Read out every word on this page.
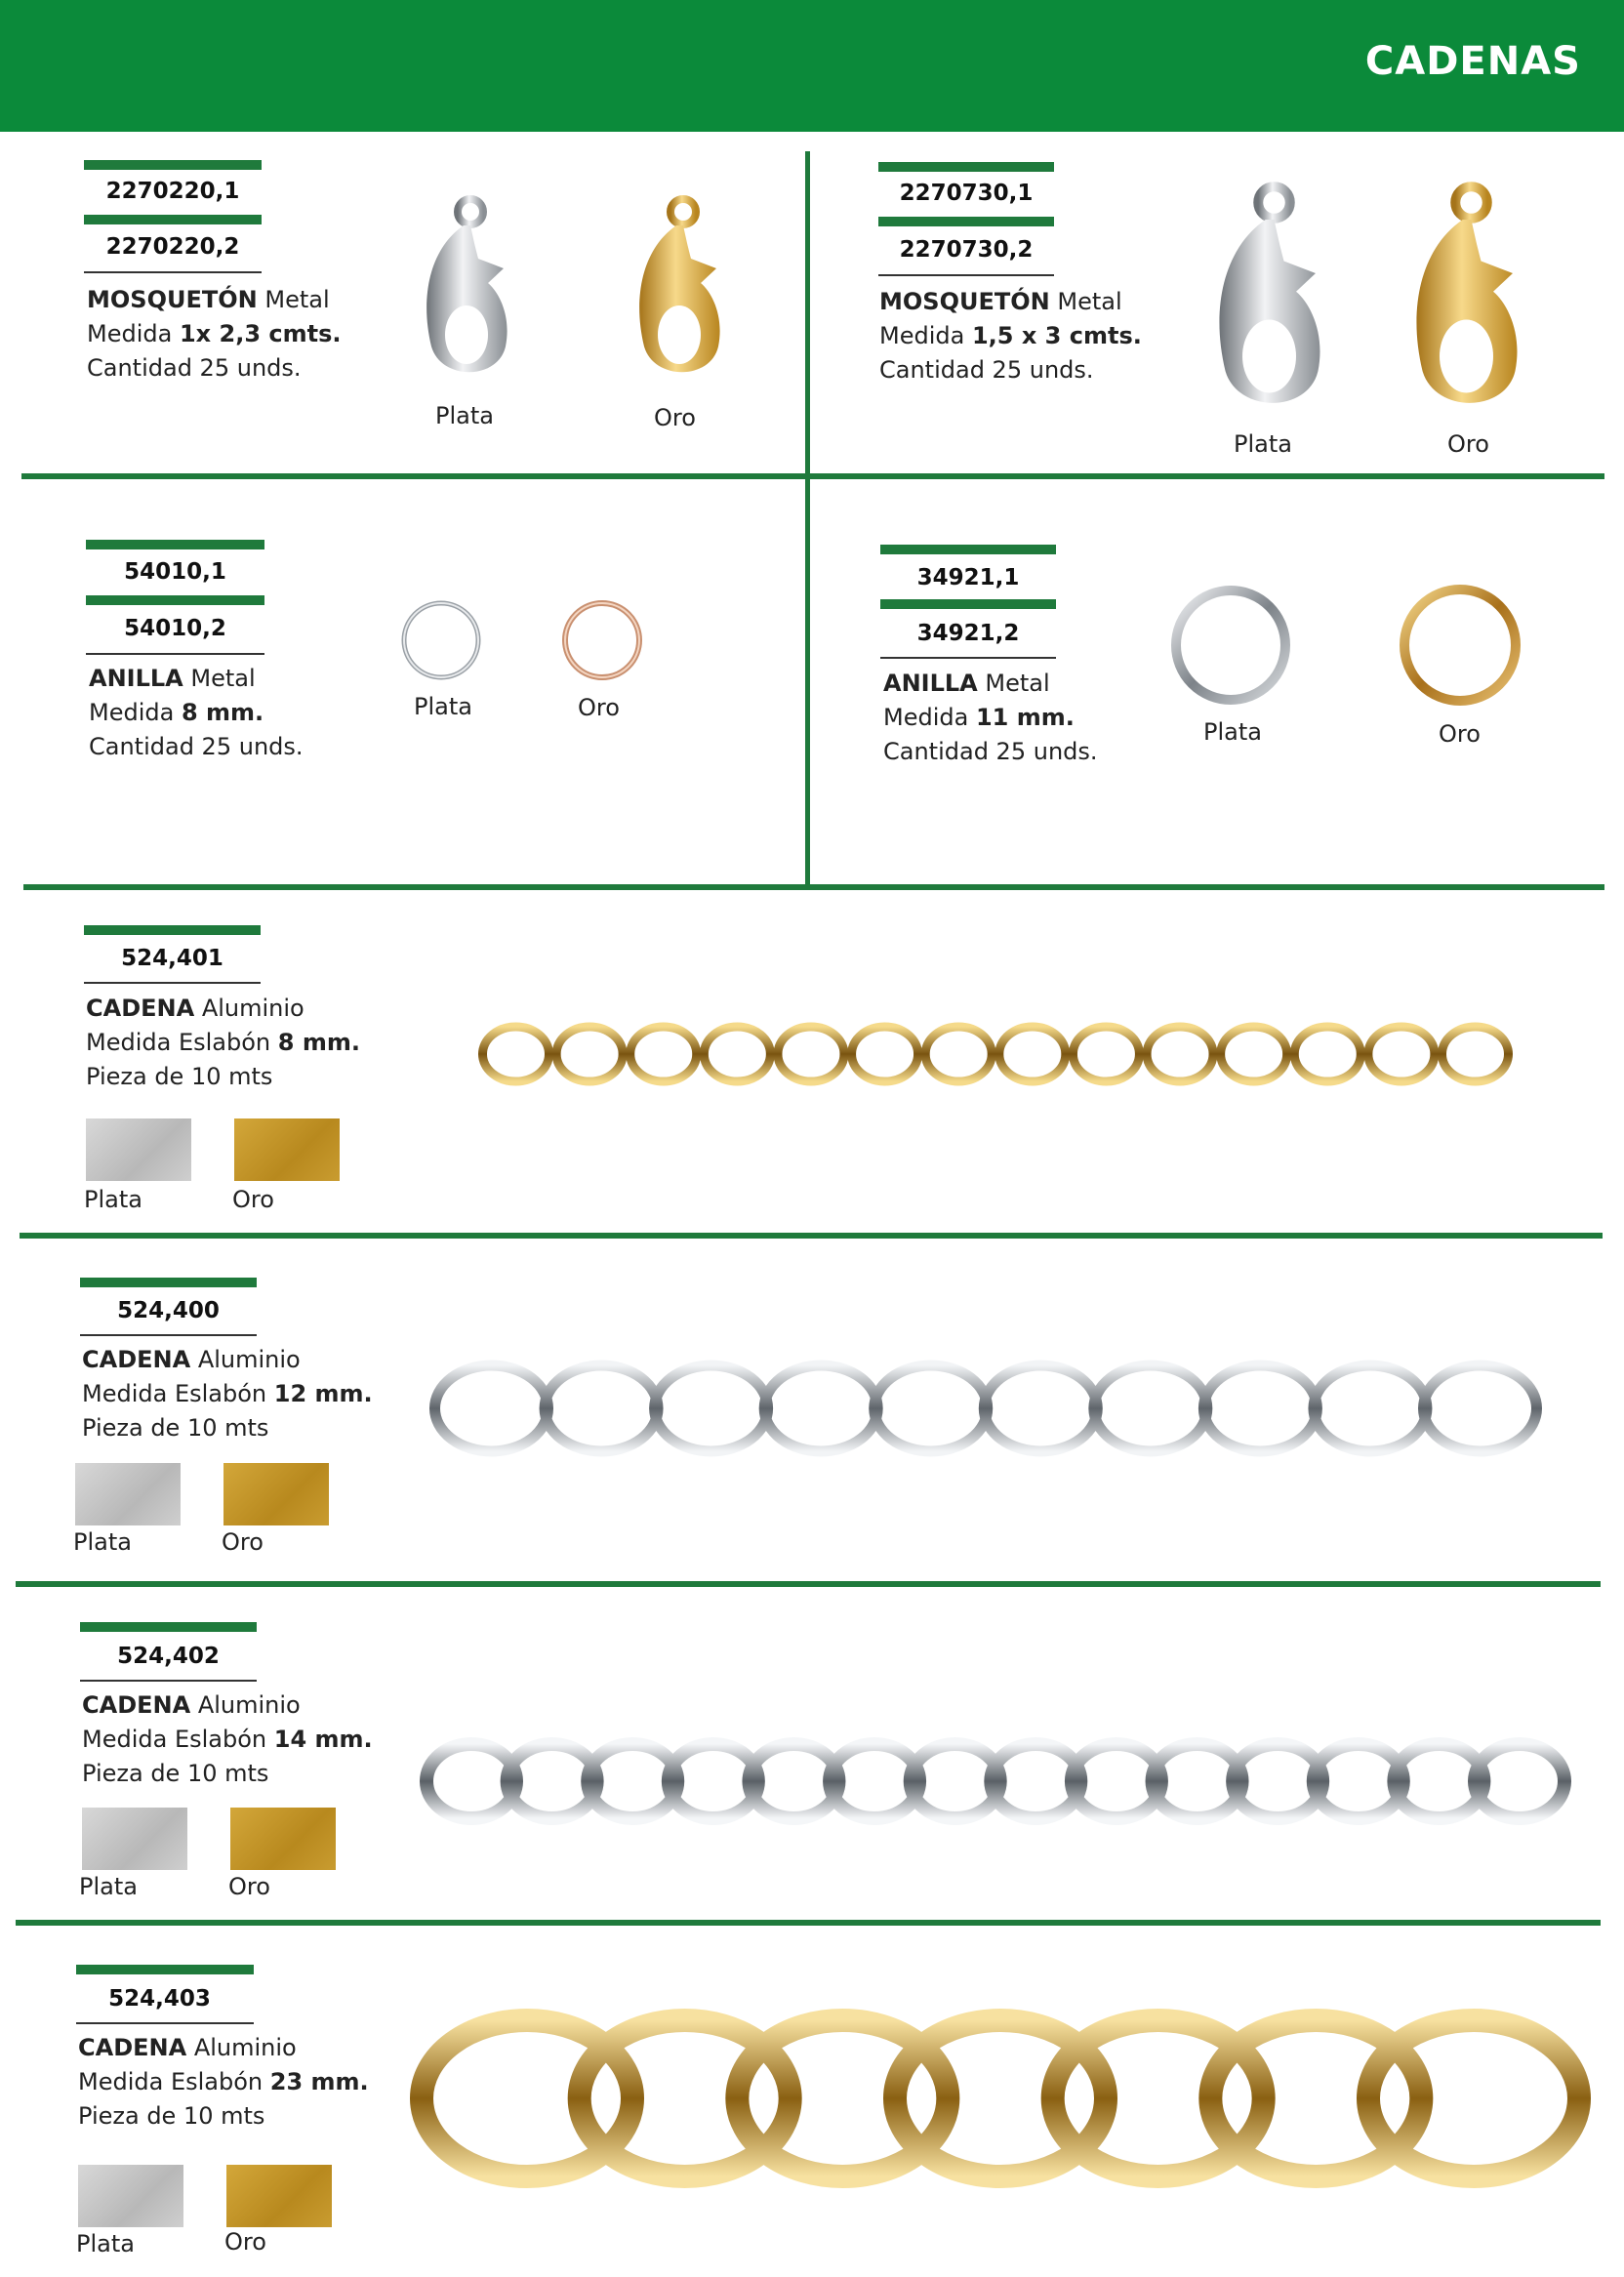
CADENAS
2270220,1
2270220,2
MOSQUETÓN Metal
Medida 1x 2,3 cmts.
Cantidad 25 unds.
Plata	Oro
2270730,1
2270730,2
MOSQUETÓN Metal
Medida 1,5 x 3 cmts.
Cantidad 25 unds.
Plata	Oro
54010,1
54010,2
ANILLA Metal
Medida 8 mm.
Cantidad 25 unds.
Plata	Oro
34921,1
34921,2
ANILLA Metal
Medida 11 mm.
Cantidad 25 unds.
Plata	Oro
524,401
CADENA Aluminio
Medida Eslabón 8 mm.
Pieza de 10 mts
Plata	Oro
524,400
CADENA Aluminio
Medida Eslabón 12 mm.
Pieza de 10 mts
Plata	Oro
524,402
CADENA Aluminio
Medida Eslabón 14 mm.
Pieza de 10 mts
Plata	Oro
524,403
CADENA Aluminio
Medida Eslabón 23 mm.
Pieza de 10 mts
Plata	Oro
